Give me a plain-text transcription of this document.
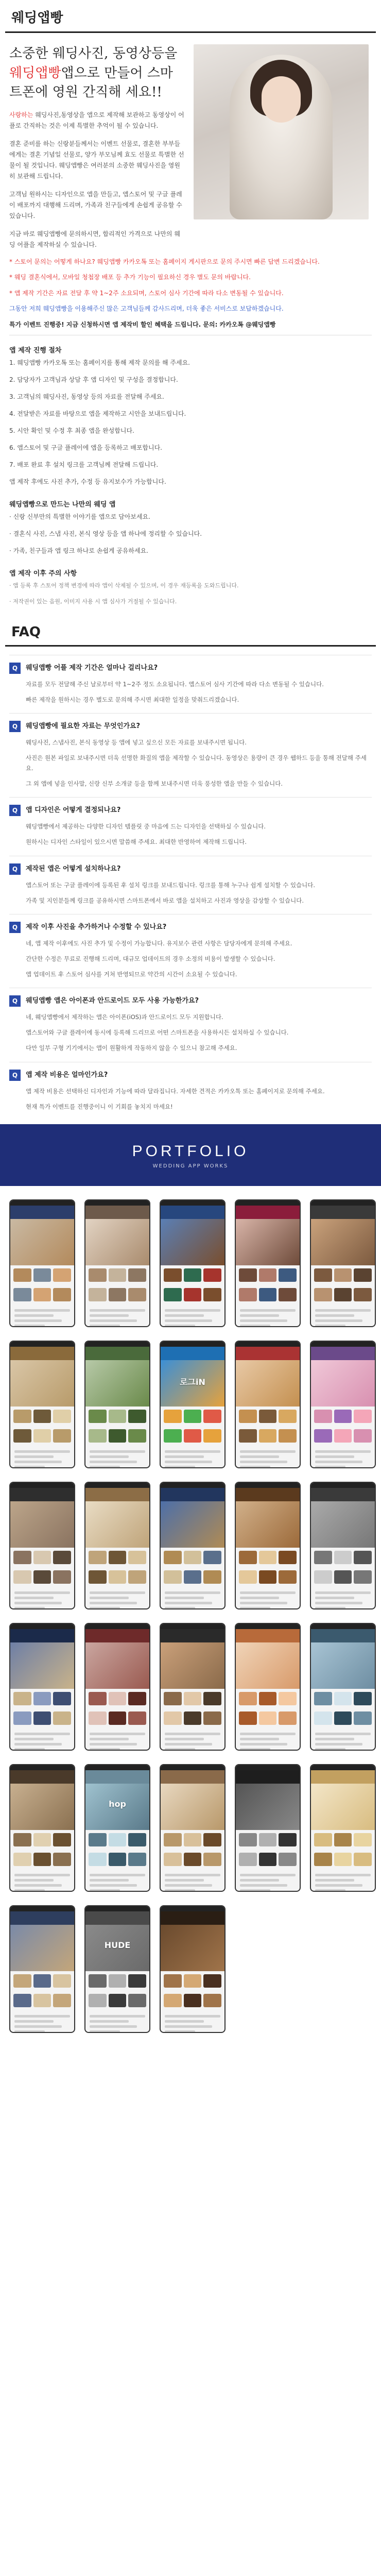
웨딩앱빵
소중한 웨딩사진, 동영상등을 웨딩앱빵앱으로 만들어 스마트폰에 영원 간직해 세요!!

사랑하는 웨딩사진,동영상을 앱으로 제작해 보관하고 동영상이 어플로 간직하는 것은 이제 특별한 추억이 될 수 있습니다.

결혼 준비를 하는 신랑분들께서는 이벤트 선물로, 결혼한 부부들에게는 결혼 기념일 선물로, 양가 부모님께 효도 선물로 특별한 선물이 될 것입니다. 웨딩앱빵은 여러분의 소중한 웨딩사진을 영원히 보관해 드립니다.

고객님 원하시는 디자인으로 앱을 만들고, 앱스토어 및 구글 플레이 배포까지 대행해 드리며, 가족과 친구들에게 손쉽게 공유할 수 있습니다.

지금 바로 웨딩앱빵에 문의하시면, 합리적인 가격으로 나만의 웨딩 어플을 제작하실 수 있습니다.

* 스토어 문의는 어떻게 하나요? 웨딩앱빵 카카오톡 또는 홈페이지 게시판으로 문의 주시면 빠른 답변 드리겠습니다.

* 웨딩 결혼식에서, 모바일 청첩장 배포 등 추가 기능이 필요하신 경우 별도 문의 바랍니다.

* 앱 제작 기간은 자료 전달 후 약 1~2주 소요되며, 스토어 심사 기간에 따라 다소 변동될 수 있습니다.

그동안 저희 웨딩앱빵을 이용해주신 많은 고객님들께 감사드리며, 더욱 좋은 서비스로 보답하겠습니다.

특가 이벤트 진행중! 지금 신청하시면 앱 제작비 할인 혜택을 드립니다. 문의: 카카오톡 @웨딩앱빵

앱 제작 진행 절차

1. 웨딩앱빵 카카오톡 또는 홈페이지를 통해 제작 문의를 해 주세요.

2. 담당자가 고객님과 상담 후 앱 디자인 및 구성을 결정합니다.

3. 고객님의 웨딩사진, 동영상 등의 자료를 전달해 주세요.

4. 전달받은 자료를 바탕으로 앱을 제작하고 시안을 보내드립니다.

5. 시안 확인 및 수정 후 최종 앱을 완성합니다.

6. 앱스토어 및 구글 플레이에 앱을 등록하고 배포합니다.

7. 배포 완료 후 설치 링크를 고객님께 전달해 드립니다.

앱 제작 후에도 사진 추가, 수정 등 유지보수가 가능합니다.

웨딩앱빵으로 만드는 나만의 웨딩 앱

· 신랑 신부만의 특별한 이야기를 앱으로 담아보세요.

· 결혼식 사진, 스냅 사진, 본식 영상 등을 앱 하나에 정리할 수 있습니다.

· 가족, 친구들과 앱 링크 하나로 손쉽게 공유하세요.

앱 제작 이후 주의 사항

· 앱 등록 후 스토어 정책 변경에 따라 앱이 삭제될 수 있으며, 이 경우 재등록을 도와드립니다.

· 저작권이 있는 음원, 이미지 사용 시 앱 심사가 거절될 수 있습니다.

FAQ
Q	웨딩앱빵 어플 제작 기간은 얼마나 걸리나요?

자료를 모두 전달해 주신 날로부터 약 1~2주 정도 소요됩니다. 앱스토어 심사 기간에 따라 다소 변동될 수 있습니다.

빠른 제작을 원하시는 경우 별도로 문의해 주시면 최대한 일정을 맞춰드리겠습니다.

Q	웨딩앱빵에 필요한 자료는 무엇인가요?

웨딩사진, 스냅사진, 본식 동영상 등 앱에 넣고 싶으신 모든 자료를 보내주시면 됩니다.

사진은 원본 파일로 보내주시면 더욱 선명한 화질의 앱을 제작할 수 있습니다. 동영상은 용량이 큰 경우 웹하드 등을 통해 전달해 주세요.

그 외 앱에 넣을 인사말, 신랑 신부 소개글 등을 함께 보내주시면 더욱 풍성한 앱을 만들 수 있습니다.

Q	앱 디자인은 어떻게 결정되나요?

웨딩앱빵에서 제공하는 다양한 디자인 템플릿 중 마음에 드는 디자인을 선택하실 수 있습니다.

원하시는 디자인 스타일이 있으시면 말씀해 주세요. 최대한 반영하여 제작해 드립니다.

Q	제작된 앱은 어떻게 설치하나요?

앱스토어 또는 구글 플레이에 등록된 후 설치 링크를 보내드립니다. 링크를 통해 누구나 쉽게 설치할 수 있습니다.

가족 및 지인분들께 링크를 공유하시면 스마트폰에서 바로 앱을 설치하고 사진과 영상을 감상할 수 있습니다.

Q	제작 이후 사진을 추가하거나 수정할 수 있나요?

네, 앱 제작 이후에도 사진 추가 및 수정이 가능합니다. 유지보수 관련 사항은 담당자에게 문의해 주세요.

간단한 수정은 무료로 진행해 드리며, 대규모 업데이트의 경우 소정의 비용이 발생할 수 있습니다.

앱 업데이트 후 스토어 심사를 거쳐 반영되므로 약간의 시간이 소요될 수 있습니다.

Q	웨딩앱빵 앱은 아이폰과 안드로이드 모두 사용 가능한가요?

네, 웨딩앱빵에서 제작하는 앱은 아이폰(iOS)과 안드로이드 모두 지원합니다.

앱스토어와 구글 플레이에 동시에 등록해 드리므로 어떤 스마트폰을 사용하시든 설치하실 수 있습니다.

다만 일부 구형 기기에서는 앱이 원활하게 작동하지 않을 수 있으니 참고해 주세요.

Q	앱 제작 비용은 얼마인가요?

앱 제작 비용은 선택하신 디자인과 기능에 따라 달라집니다. 자세한 견적은 카카오톡 또는 홈페이지로 문의해 주세요.

현재 특가 이벤트를 진행중이니 이 기회를 놓치지 마세요!

PORTFOLIO
WEDDING APP WORKS
로그iN
hop
HUDE
